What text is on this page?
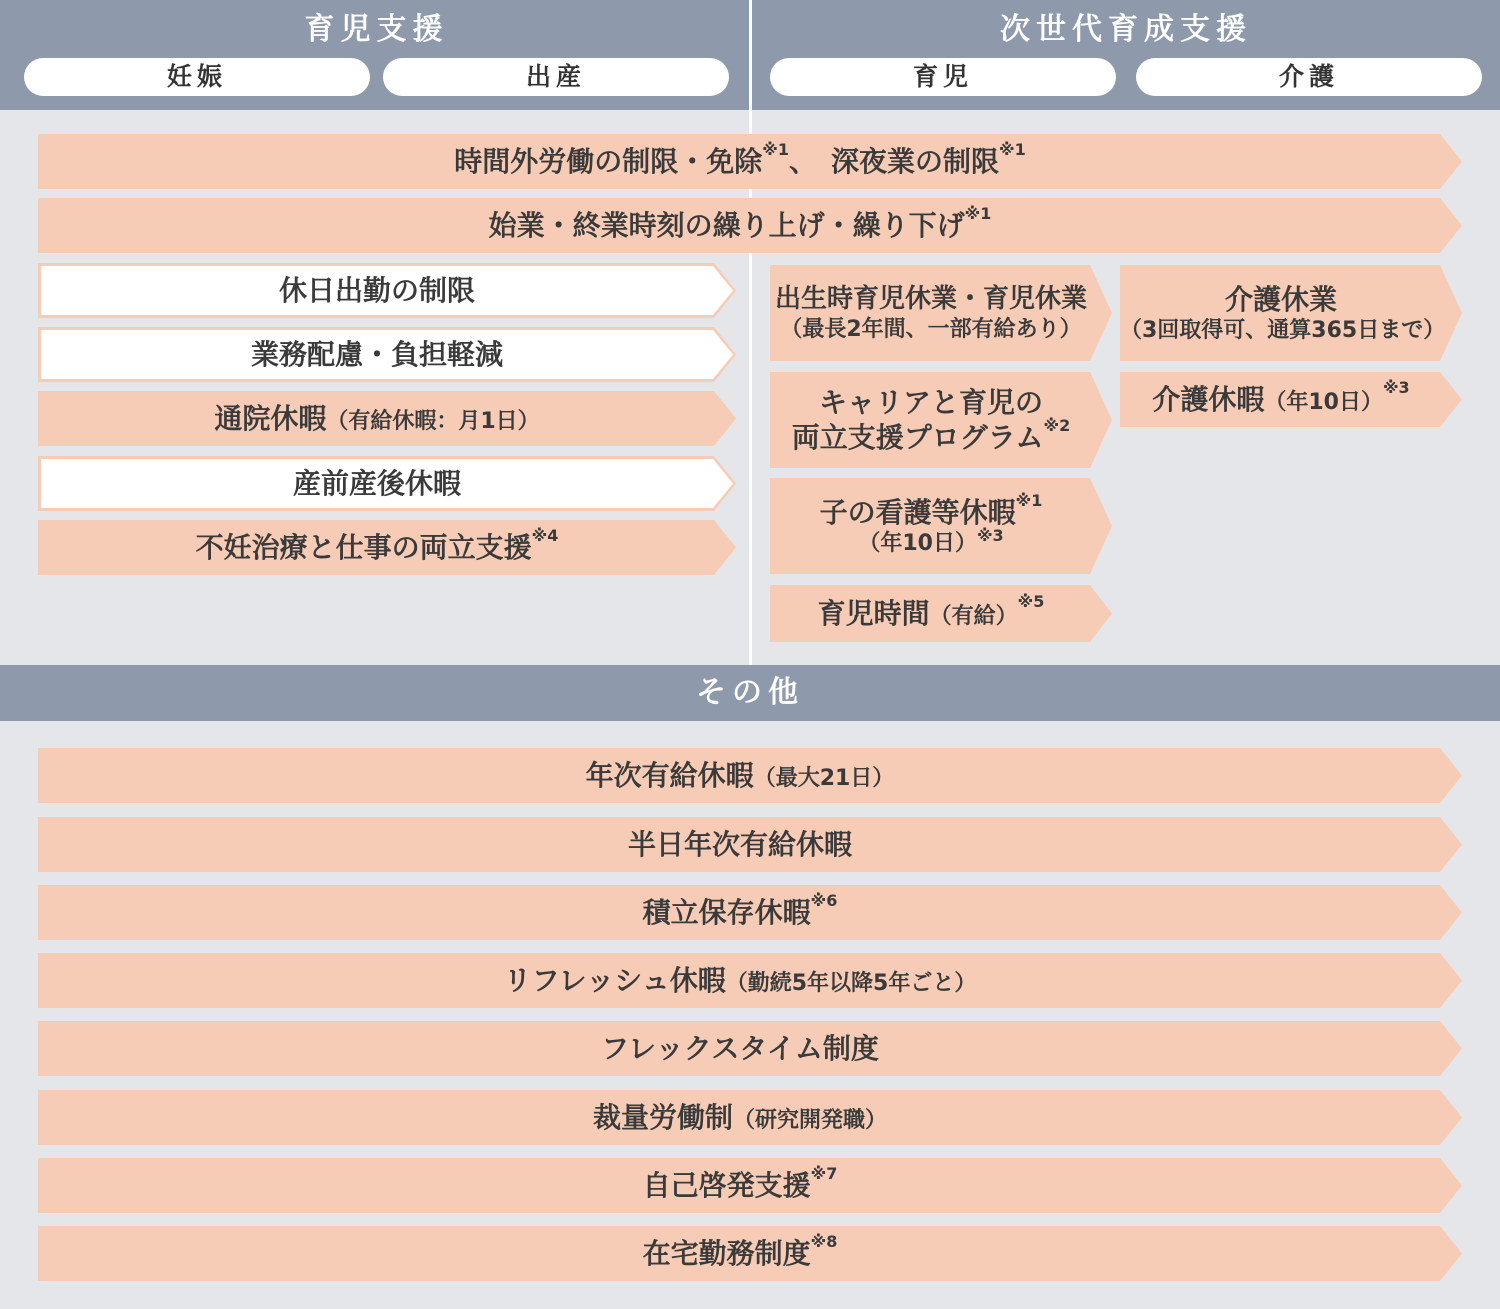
育児支援	次世代育成支援
妊娠	出産	育児	介護
時間外労働の制限・免除$^{※1}$、　深夜業の制限$^{※1}$
始業・終業時刻の繰り上げ・繰り下げ$^{※1}$
休日出勤の制限
業務配慮・負担軽減
通院休暇（有給休暇：月1日）
産前産後休暇
不妊治療と仕事の両立支援$^{※4}$
出生時育児休業・育児休業
（最長2年間、一部有給あり）
キャリアと育児の
両立支援プログラム$^{※2}$
子の看護等休暇$^{※1}$
（年10日）$^{※3}$
育児時間（有給）$^{※5}$
介護休業
（3回取得可、通算365日まで）
介護休暇（年10日）$^{※3}$
その他
年次有給休暇（最大21日）
半日年次有給休暇
積立保存休暇$^{※6}$
リフレッシュ休暇（勤続5年以降5年ごと）
フレックスタイム制度
裁量労働制（研究開発職）
自己啓発支援$^{※7}$
在宅勤務制度$^{※8}$
